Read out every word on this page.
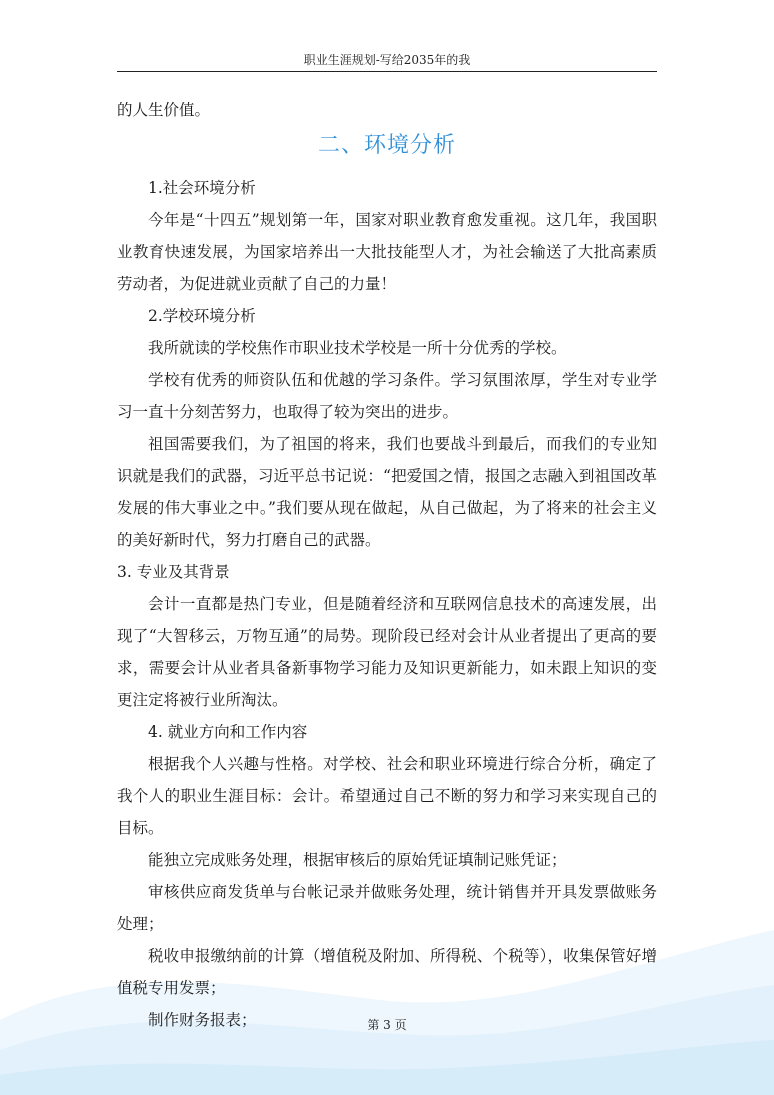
职业生涯规划-写给2035年的我

的人生价值。

二、环境分析

1.社会环境分析

今年是“十四五”规划第一年，国家对职业教育愈发重视。这几年，我国职业教育快速发展，为国家培养出一大批技能型人才，为社会输送了大批高素质劳动者，为促进就业贡献了自己的力量！

2.学校环境分析

我所就读的学校焦作市职业技术学校是一所十分优秀的学校。

学校有优秀的师资队伍和优越的学习条件。学习氛围浓厚，学生对专业学习一直十分刻苦努力，也取得了较为突出的进步。

祖国需要我们，为了祖国的将来，我们也要战斗到最后，而我们的专业知识就是我们的武器，习近平总书记说：“把爱国之情，报国之志融入到祖国改革发展的伟大事业之中。”我们要从现在做起，从自己做起，为了将来的社会主义的美好新时代，努力打磨自己的武器。

3. 专业及其背景

会计一直都是热门专业，但是随着经济和互联网信息技术的高速发展，出现了“大智移云，万物互通”的局势。现阶段已经对会计从业者提出了更高的要求，需要会计从业者具备新事物学习能力及知识更新能力，如未跟上知识的变更注定将被行业所淘汰。

4. 就业方向和工作内容

根据我个人兴趣与性格。对学校、社会和职业环境进行综合分析，确定了我个人的职业生涯目标：会计。希望通过自己不断的努力和学习来实现自己的目标。

能独立完成账务处理，根据审核后的原始凭证填制记账凭证；

审核供应商发货单与台帐记录并做账务处理，统计销售并开具发票做账务处理；

税收申报缴纳前的计算（增值税及附加、所得税、个税等），收集保管好增值税专用发票；

制作财务报表；	第 3 页
